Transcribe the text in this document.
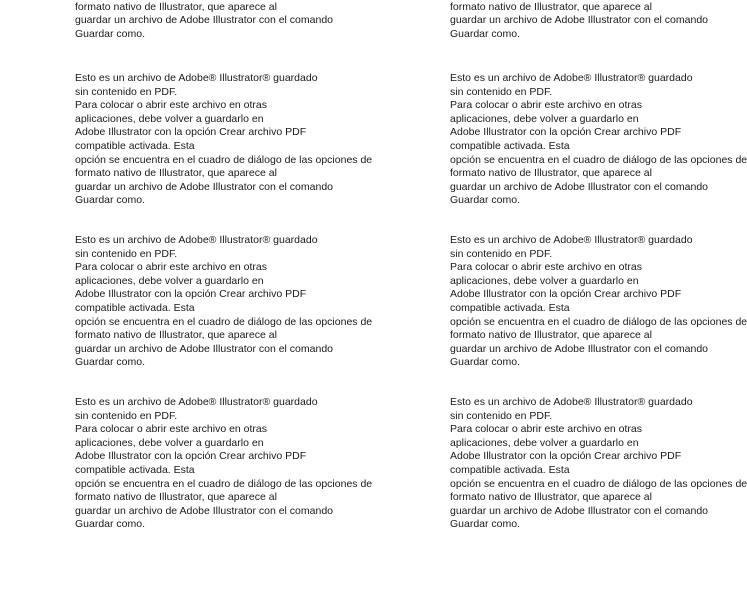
formato nativo de Illustrator, que aparece al
guardar un archivo de Adobe Illustrator con el comando
Guardar como.
Esto es un archivo de Adobe® Illustrator® guardado
sin contenido en PDF.
Para colocar o abrir este archivo en otras
aplicaciones, debe volver a guardarlo en
Adobe Illustrator con la opción Crear archivo PDF
compatible activada. Esta
opción se encuentra en el cuadro de diálogo de las opciones de
formato nativo de Illustrator, que aparece al
guardar un archivo de Adobe Illustrator con el comando
Guardar como.
Esto es un archivo de Adobe® Illustrator® guardado
sin contenido en PDF.
Para colocar o abrir este archivo en otras
aplicaciones, debe volver a guardarlo en
Adobe Illustrator con la opción Crear archivo PDF
compatible activada. Esta
opción se encuentra en el cuadro de diálogo de las opciones de
formato nativo de Illustrator, que aparece al
guardar un archivo de Adobe Illustrator con el comando
Guardar como.
Esto es un archivo de Adobe® Illustrator® guardado
sin contenido en PDF.
Para colocar o abrir este archivo en otras
aplicaciones, debe volver a guardarlo en
Adobe Illustrator con la opción Crear archivo PDF
compatible activada. Esta
opción se encuentra en el cuadro de diálogo de las opciones de
formato nativo de Illustrator, que aparece al
guardar un archivo de Adobe Illustrator con el comando
Guardar como.
formato nativo de Illustrator, que aparece al
guardar un archivo de Adobe Illustrator con el comando
Guardar como.
Esto es un archivo de Adobe® Illustrator® guardado
sin contenido en PDF.
Para colocar o abrir este archivo en otras
aplicaciones, debe volver a guardarlo en
Adobe Illustrator con la opción Crear archivo PDF
compatible activada. Esta
opción se encuentra en el cuadro de diálogo de las opciones de
formato nativo de Illustrator, que aparece al
guardar un archivo de Adobe Illustrator con el comando
Guardar como.
Esto es un archivo de Adobe® Illustrator® guardado
sin contenido en PDF.
Para colocar o abrir este archivo en otras
aplicaciones, debe volver a guardarlo en
Adobe Illustrator con la opción Crear archivo PDF
compatible activada. Esta
opción se encuentra en el cuadro de diálogo de las opciones de
formato nativo de Illustrator, que aparece al
guardar un archivo de Adobe Illustrator con el comando
Guardar como.
Esto es un archivo de Adobe® Illustrator® guardado
sin contenido en PDF.
Para colocar o abrir este archivo en otras
aplicaciones, debe volver a guardarlo en
Adobe Illustrator con la opción Crear archivo PDF
compatible activada. Esta
opción se encuentra en el cuadro de diálogo de las opciones de
formato nativo de Illustrator, que aparece al
guardar un archivo de Adobe Illustrator con el comando
Guardar como.
